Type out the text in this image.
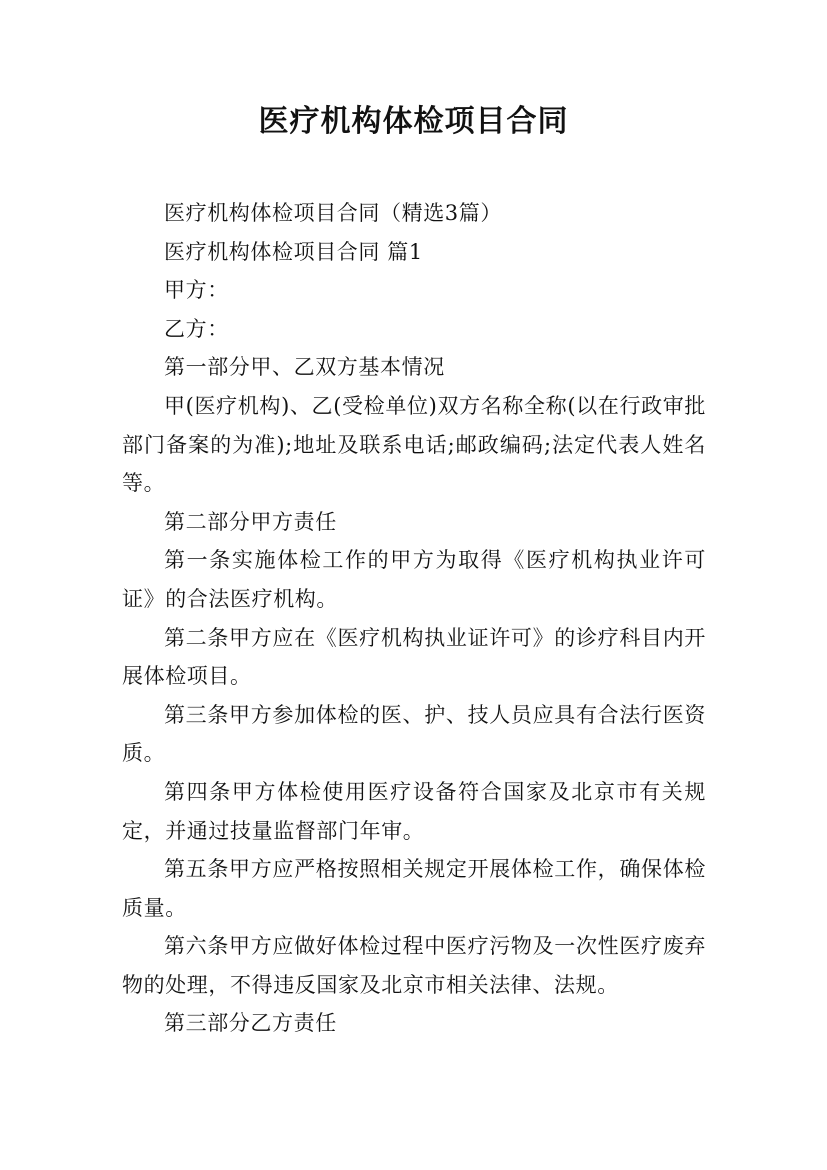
医疗机构体检项目合同

医疗机构体检项目合同（精选3篇）

医疗机构体检项目合同 篇1

甲方：

乙方：

第一部分甲、乙双方基本情况

甲(医疗机构)、乙(受检单位)双方名称全称(以在行政审批部门备案的为准);地址及联系电话;邮政编码;法定代表人姓名等。

第二部分甲方责任

第一条实施体检工作的甲方为取得《医疗机构执业许可证》的合法医疗机构。

第二条甲方应在《医疗机构执业证许可》的诊疗科目内开展体检项目。

第三条甲方参加体检的医、护、技人员应具有合法行医资质。

第四条甲方体检使用医疗设备符合国家及北京市有关规定，并通过技量监督部门年审。

第五条甲方应严格按照相关规定开展体检工作，确保体检质量。

第六条甲方应做好体检过程中医疗污物及一次性医疗废弃物的处理，不得违反国家及北京市相关法律、法规。

第三部分乙方责任
